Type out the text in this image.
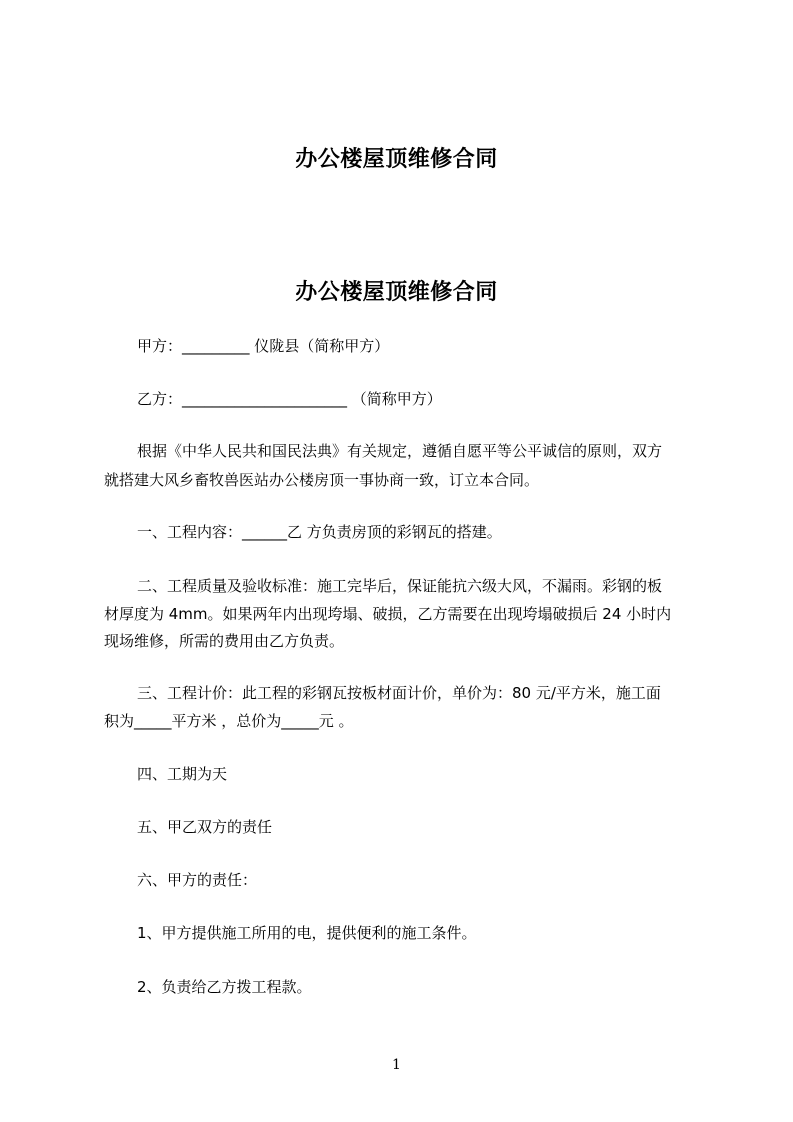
办公楼屋顶维修合同
办公楼屋顶维修合同
甲方：_________ 仪陇县（简称甲方）
乙方：______________________ （简称甲方）
根据《中华人民共和国民法典》有关规定，遵循自愿平等公平诚信的原则，双方
就搭建大风乡畜牧兽医站办公楼房顶一事协商一致，订立本合同。
一、工程内容：______乙 方负责房顶的彩钢瓦的搭建。
二、工程质量及验收标准：施工完毕后，保证能抗六级大风，不漏雨。彩钢的板
材厚度为 4mm。如果两年内出现垮塌、破损，乙方需要在出现垮塌破损后 24 小时内
现场维修，所需的费用由乙方负责。
三、工程计价：此工程的彩钢瓦按板材面计价，单价为：80 元/平方米，施工面
积为_____平方米 ，总价为_____元 。
四、工期为天
五、甲乙双方的责任
六、甲方的责任：
1、甲方提供施工所用的电，提供便利的施工条件。
2、负责给乙方拨工程款。
1
